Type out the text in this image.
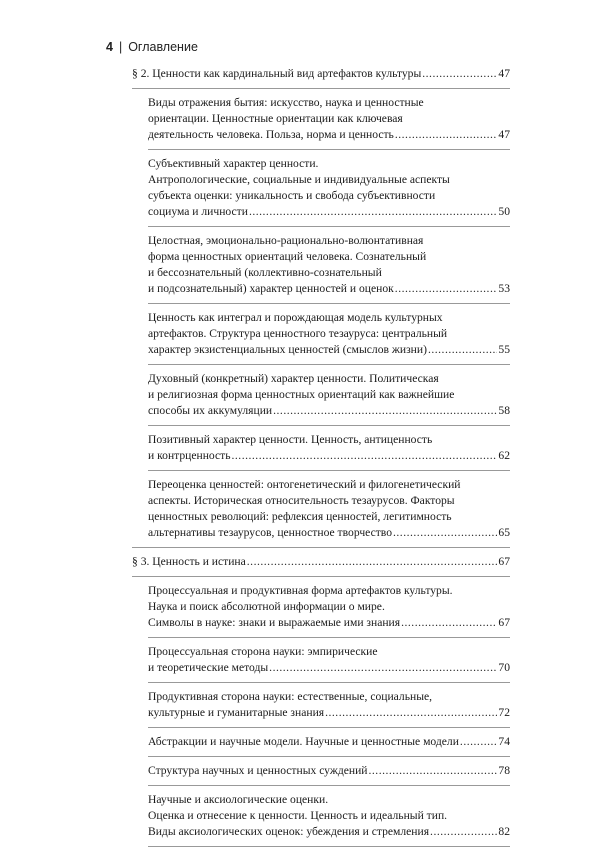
4 | Оглавление
§ 2. Ценности как кардинальный вид артефактов культуры .....	47
Виды отражения бытия: искусство, наука и ценностные
ориентации. Ценностные ориентации как ключевая
деятельность человека. Польза, норма и ценность .....	47
Субъективный характер ценности.
Антропологические, социальные и индивидуальные аспекты
субъекта оценки: уникальность и свобода субъективности
социума и личности .....	50
Целостная, эмоционально-рационально-волюнтативная
форма ценностных ориентаций человека. Сознательный
и бессознательный (коллективно-сознательный
и подсознательный) характер ценностей и оценок .....	53
Ценность как интеграл и порождающая модель культурных
артефактов. Структура ценностного тезауруса: центральный
характер экзистенциальных ценностей (смыслов жизни) .....	55
Духовный (конкретный) характер ценности. Политическая
и религиозная форма ценностных ориентаций как важнейшие
способы их аккумуляции .....	58
Позитивный характер ценности. Ценность, антиценность
и контрценность .....	62
Переоценка ценностей: онтогенетический и филогенетический
аспекты. Историческая относительность тезаурусов. Факторы
ценностных революций: рефлексия ценностей, легитимность
альтернативы тезаурусов, ценностное творчество .....	65
§ 3. Ценность и истина .....	67
Процессуальная и продуктивная форма артефактов культуры.
Наука и поиск абсолютной информации о мире.
Символы в науке: знаки и выражаемые ими знания .....	67
Процессуальная сторона науки: эмпирические
и теоретические методы .....	70
Продуктивная сторона науки: естественные, социальные,
культурные и гуманитарные знания .....	72
Абстракции и научные модели. Научные и ценностные модели .....	74
Структура научных и ценностных суждений .....	78
Научные и аксиологические оценки.
Оценка и отнесение к ценности. Ценность и идеальный тип.
Виды аксиологических оценок: убеждения и стремления .....	82
